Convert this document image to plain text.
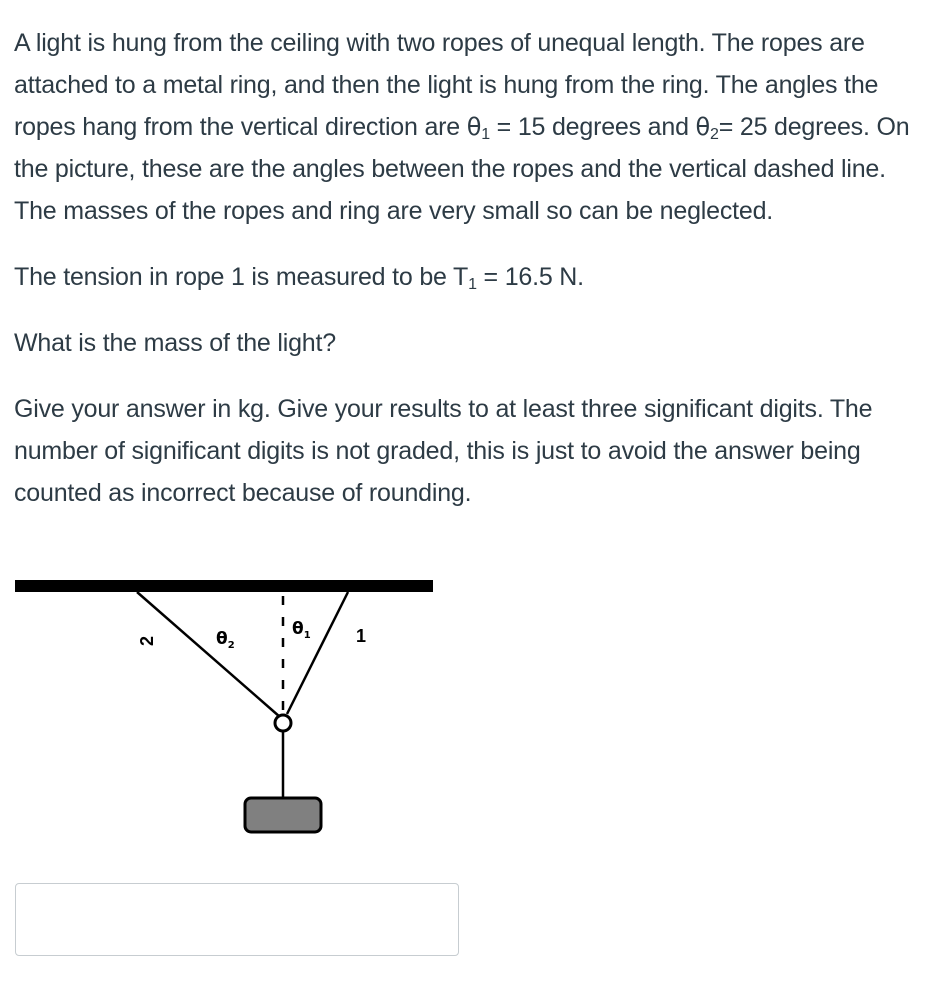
A light is hung from the ceiling with two ropes of unequal length. The ropes are attached to a metal ring, and then the light is hung from the ring. The angles the ropes hang from the vertical direction are $\theta_1 = 15$ degrees and $\theta_2= 25$ degrees. On the picture, these are the angles between the ropes and the vertical dashed line. The masses of the ropes and ring are very small so can be neglected.

The tension in rope 1 is measured to be $T_1 = 16.5$ N.

What is the mass of the light?

Give your answer in kg. Give your results to at least three significant digits. The number of significant digits is not graded, this is just to avoid the answer being counted as incorrect because of rounding.

2	1
$\theta_2$
$\theta_1$
